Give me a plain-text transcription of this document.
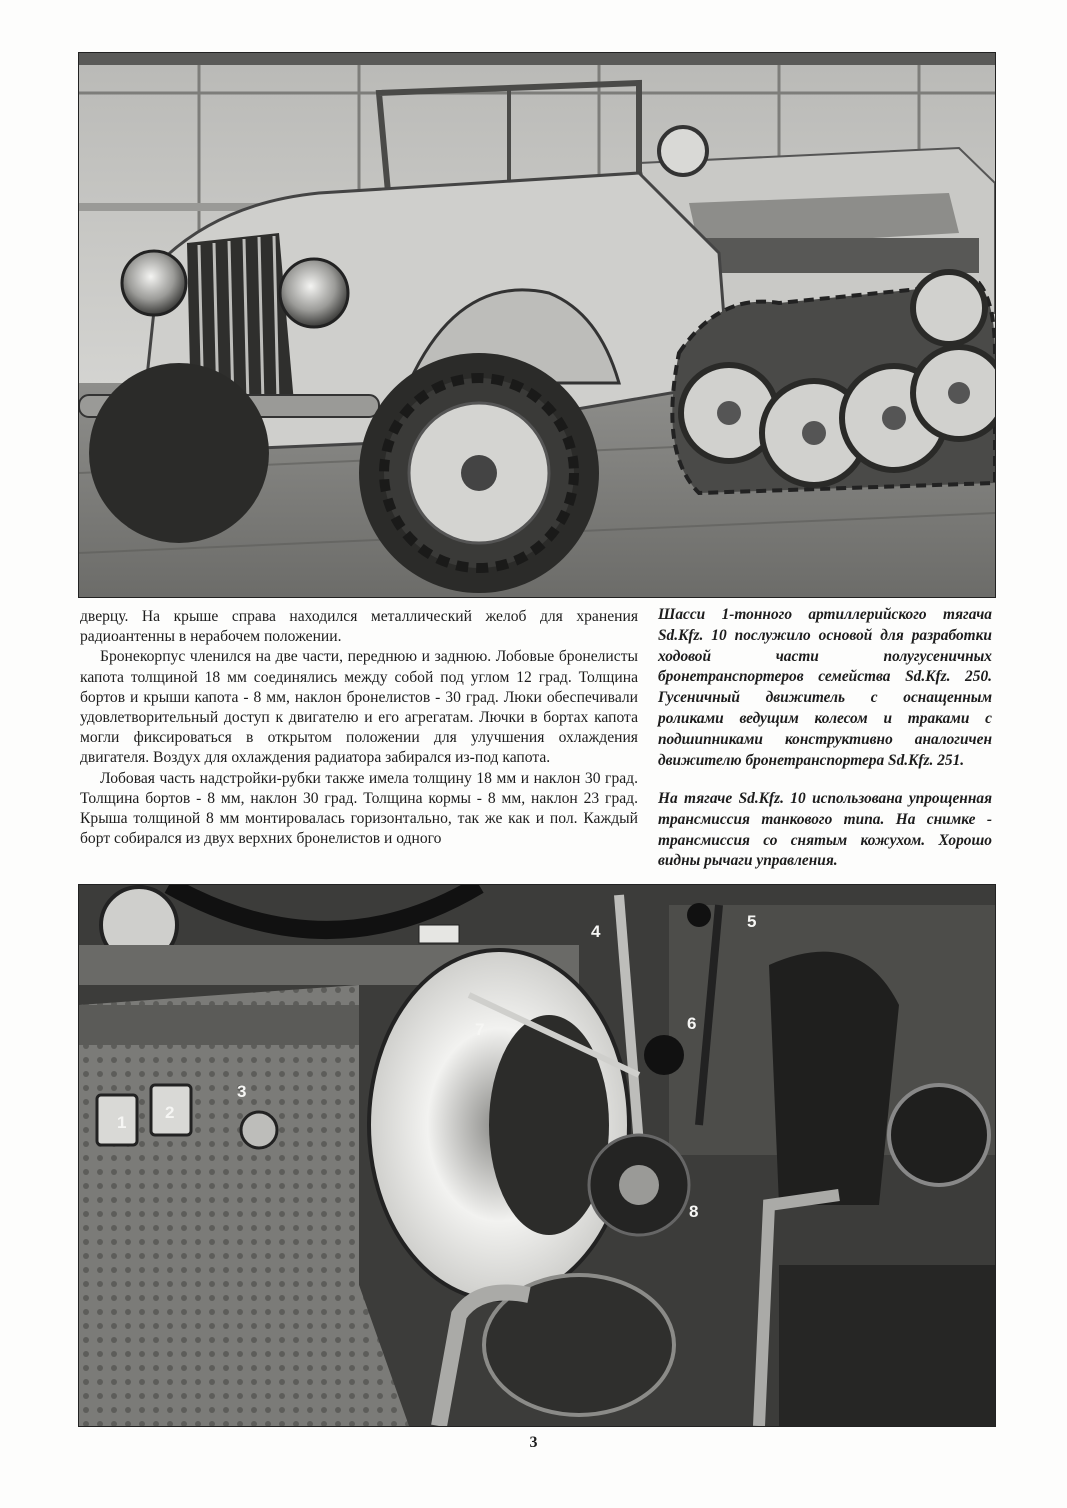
дверцу. На крыше справа находился металлический желоб для хранения радиоантенны в нерабочем положении.

Бронекорпус членился на две части, переднюю и заднюю. Лобовые бронелисты капота толщиной 18 мм соединялись между собой под углом 12 град. Толщина бортов и крыши капота - 8 мм, наклон бронелистов - 30 град. Люки обеспечивали удовлетворительный доступ к двигателю и его агрегатам. Лючки в бортах капота могли фиксироваться в открытом положении для улучшения охлаждения двигателя. Воздух для охлаждения радиатора забирался из-под капота.

Лобовая часть надстройки-рубки также имела толщину 18 мм и наклон 30 град. Толщина бортов - 8 мм, наклон 30 град. Толщина кормы - 8 мм, наклон 23 град. Крыша толщиной 8 мм монтировалась горизонтально, так же как и пол. Каждый борт собирался из двух верхних бронелистов и одного

Шасси 1-тонного артиллерийского тягача Sd.Kfz. 10 послужило основой для разработки ходовой части полугусеничных бронетранспортеров семейства Sd.Kfz. 250. Гусеничный движитель с оснащенным роликами ведущим колесом и траками с подшипниками конструктивно аналогичен движителю бронетранспортера Sd.Kfz. 251.

На тягаче Sd.Kfz. 10 использована упрощенная трансмиссия танкового типа. На снимке - трансмиссия со снятым кожухом. Хорошо видны рычаги управления.

1
2
3
4
5
6
7
8
3
